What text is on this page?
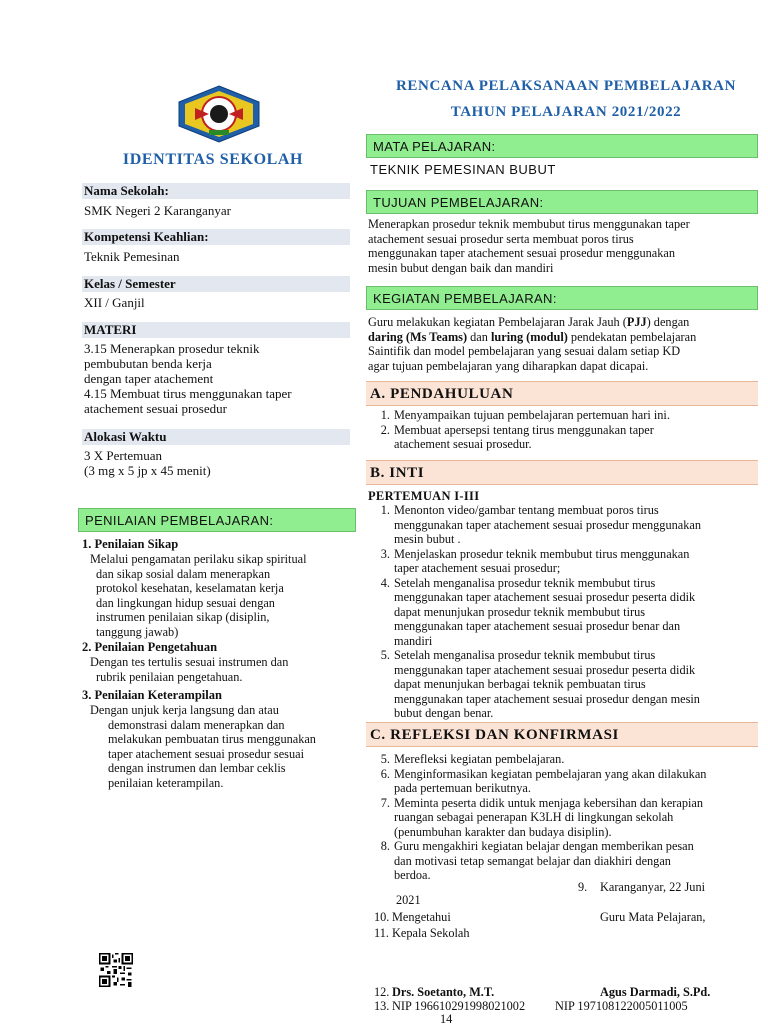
IDENTITAS SEKOLAH
Nama Sekolah:
SMK Negeri 2 Karanganyar
Kompetensi Keahlian:
Teknik Pemesinan
Kelas / Semester
XII / Ganjil
MATERI
3.15 Menerapkan prosedur teknik
pembubutan benda kerja
dengan taper atachement
4.15 Membuat tirus menggunakan taper
atachement sesuai prosedur
Alokasi Waktu
3 X Pertemuan
(3 mg x 5 jp x 45 menit)
PENILAIAN PEMBELAJARAN:
1. Penilaian Sikap
Melalui pengamatan perilaku sikap spiritual
dan sikap sosial dalam menerapkan
protokol kesehatan, keselamatan kerja
dan lingkungan hidup sesuai dengan
instrumen penilaian sikap (disiplin,
tanggung jawab)
2. Penilaian Pengetahuan
Dengan tes tertulis sesuai instrumen dan
rubrik penilaian pengetahuan.
3. Penilaian Keterampilan
Dengan unjuk kerja langsung dan atau
demonstrasi dalam menerapkan dan
melakukan pembuatan tirus menggunakan
taper atachement sesuai prosedur sesuai
dengan instrumen dan lembar ceklis
penilaian keterampilan.
RENCANA PELAKSANAAN PEMBELAJARAN
TAHUN PELAJARAN 2021/2022
MATA PELAJARAN:
TEKNIK PEMESINAN BUBUT
TUJUAN PEMBELAJARAN:
Menerapkan prosedur teknik membubut tirus menggunakan taper
atachement sesuai prosedur serta membuat poros tirus
menggunakan taper atachement sesuai prosedur menggunakan
mesin bubut dengan baik dan mandiri
KEGIATAN PEMBELAJARAN:
Guru melakukan kegiatan Pembelajaran Jarak Jauh (PJJ) dengan
daring (Ms Teams) dan luring (modul) pendekatan pembelajaran
Saintifik dan model pembelajaran yang sesuai dalam setiap KD
agar tujuan pembelajaran yang diharapkan dapat dicapai.
A. PENDAHULUAN
1. Menyampaikan tujuan pembelajaran pertemuan hari ini.
2. Membuat apersepsi tentang tirus menggunakan taper
atachement sesuai prosedur.
B. INTI
PERTEMUAN I-III
1. Menonton video/gambar tentang membuat poros tirus
menggunakan taper atachement sesuai prosedur menggunakan
mesin bubut .
3. Menjelaskan prosedur teknik membubut tirus menggunakan
taper atachement sesuai prosedur;
4. Setelah menganalisa prosedur teknik membubut tirus
menggunakan taper atachement sesuai prosedur peserta didik
dapat menunjukan prosedur teknik membubut tirus
menggunakan taper atachement sesuai prosedur benar dan
mandiri
5. Setelah menganalisa prosedur teknik membubut tirus
menggunakan taper atachement sesuai prosedur peserta didik
dapat menunjukan berbagai teknik pembuatan tirus
menggunakan taper atachement sesuai prosedur dengan mesin
bubut dengan benar.
C. REFLEKSI DAN KONFIRMASI
5. Merefleksi kegiatan pembelajaran.
6. Menginformasikan kegiatan pembelajaran yang akan dilakukan
pada pertemuan berikutnya.
7. Meminta peserta didik untuk menjaga kebersihan dan kerapian
ruangan sebagai penerapan K3LH di lingkungan sekolah
(penumbuhan karakter dan budaya disiplin).
8. Guru mengakhiri kegiatan belajar dengan memberikan pesan
dan motivasi tetap semangat belajar dan diakhiri dengan
berdoa.
9. Karanganyar, 22 Juni
2021
10. Mengetahui	Guru Mata Pelajaran,
11. Kepala Sekolah
12. Drs. Soetanto, M.T.	Agus Darmadi, S.Pd.
13. NIP 196610291998021002 NIP 197108122005011005
14
